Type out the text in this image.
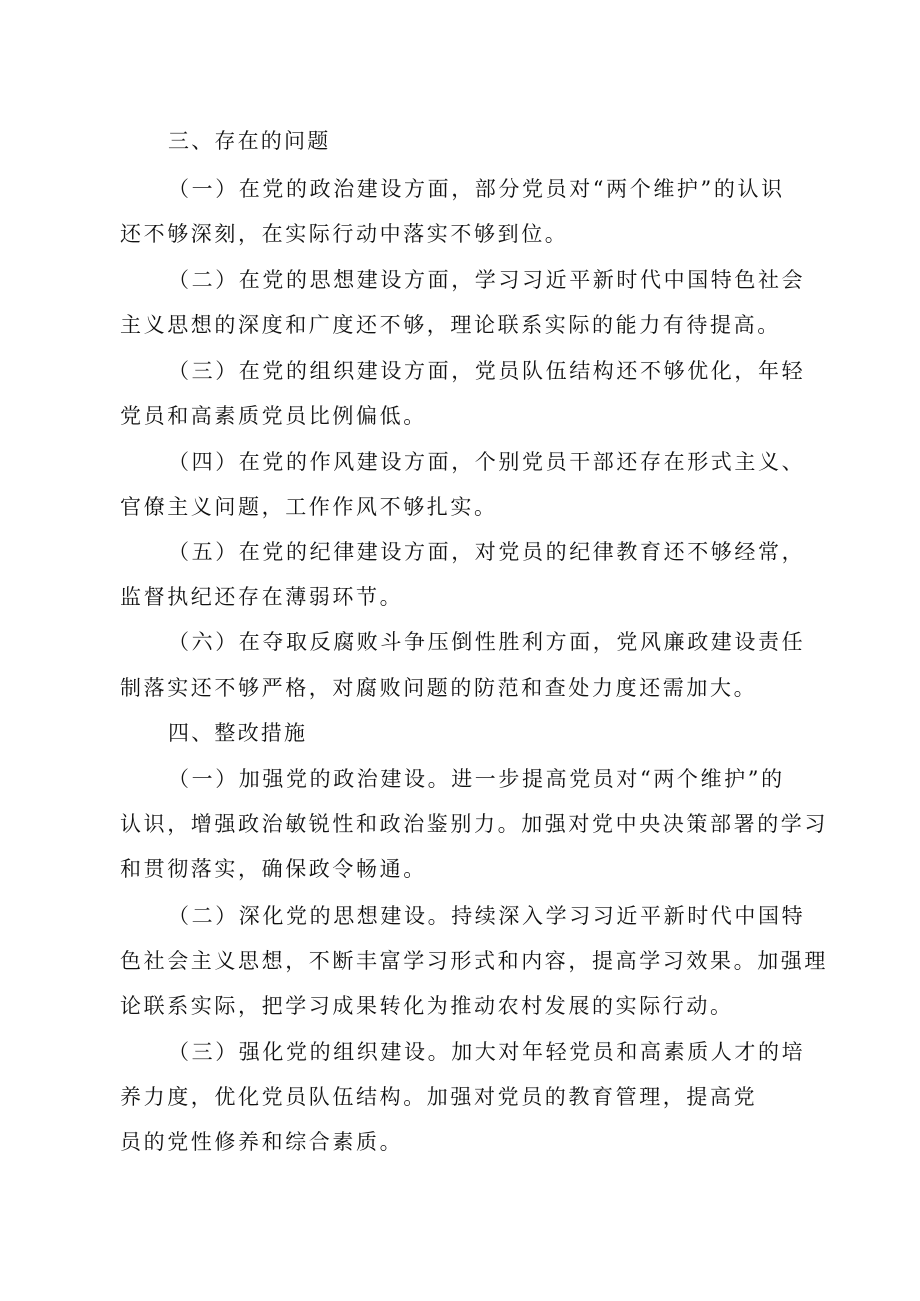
三、存在的问题
（一）在党的政治建设方面，部分党员对“两个维护”的认识
还不够深刻，在实际行动中落实不够到位。
（二）在党的思想建设方面，学习习近平新时代中国特色社会
主义思想的深度和广度还不够，理论联系实际的能力有待提高。
（三）在党的组织建设方面，党员队伍结构还不够优化，年轻
党员和高素质党员比例偏低。
（四）在党的作风建设方面，个别党员干部还存在形式主义、
官僚主义问题，工作作风不够扎实。
（五）在党的纪律建设方面，对党员的纪律教育还不够经常，
监督执纪还存在薄弱环节。
（六）在夺取反腐败斗争压倒性胜利方面，党风廉政建设责任
制落实还不够严格，对腐败问题的防范和查处力度还需加大。
四、整改措施
（一）加强党的政治建设。进一步提高党员对“两个维护”的
认识，增强政治敏锐性和政治鉴别力。加强对党中央决策部署的学习
和贯彻落实，确保政令畅通。
（二）深化党的思想建设。持续深入学习习近平新时代中国特
色社会主义思想，不断丰富学习形式和内容，提高学习效果。加强理
论联系实际，把学习成果转化为推动农村发展的实际行动。
（三）强化党的组织建设。加大对年轻党员和高素质人才的培
养力度，优化党员队伍结构。加强对党员的教育管理，提高党
员的党性修养和综合素质。
